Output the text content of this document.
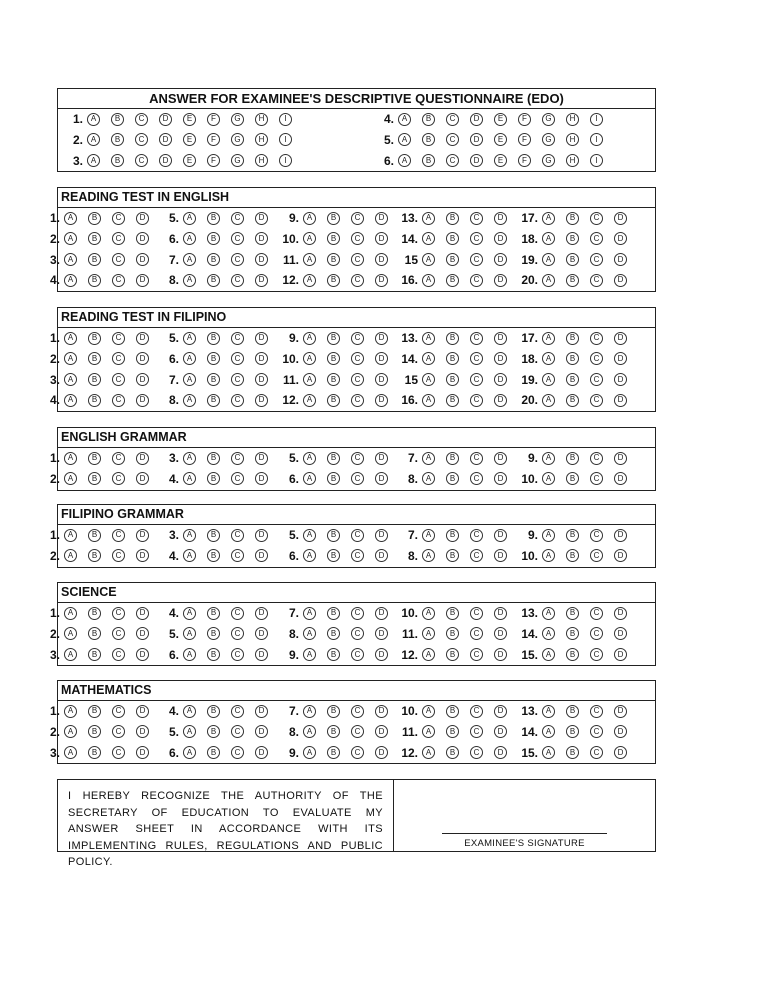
ANSWER FOR EXAMINEE'S DESCRIPTIVE QUESTIONNAIRE (EDO)
1. A	B	C	D	E	F	G	H	I	4. A	B	C	D	E	F	G	H	I
2. A	B	C	D	E	F	G	H	I	5. A	B	C	D	E	F	G	H	I
3. A	B	C	D	E	F	G	H	I	6. A	B	C	D	E	F	G	H	I
READING TEST IN ENGLISH
1. A	B	C	D	5. A	B	C	D	9. A	B	C	D	13. A	B	C	D	17. A	B	C	D
2. A	B	C	D	6. A	B	C	D	10. A	B	C	D	14. A	B	C	D	18. A	B	C	D
3. A	B	C	D	7. A	B	C	D	11. A	B	C	D	15 A	B	C	D	19. A	B	C	D
4. A	B	C	D	8. A	B	C	D	12. A	B	C	D	16. A	B	C	D	20. A	B	C	D
READING TEST IN FILIPINO
1. A	B	C	D	5. A	B	C	D	9. A	B	C	D	13. A	B	C	D	17. A	B	C	D
2. A	B	C	D	6. A	B	C	D	10. A	B	C	D	14. A	B	C	D	18. A	B	C	D
3. A	B	C	D	7. A	B	C	D	11. A	B	C	D	15 A	B	C	D	19. A	B	C	D
4. A	B	C	D	8. A	B	C	D	12. A	B	C	D	16. A	B	C	D	20. A	B	C	D
ENGLISH GRAMMAR
1. A	B	C	D	3. A	B	C	D	5. A	B	C	D	7. A	B	C	D	9. A	B	C	D
2. A	B	C	D	4. A	B	C	D	6. A	B	C	D	8. A	B	C	D	10. A	B	C	D
FILIPINO GRAMMAR
1. A	B	C	D	3. A	B	C	D	5. A	B	C	D	7. A	B	C	D	9. A	B	C	D
2. A	B	C	D	4. A	B	C	D	6. A	B	C	D	8. A	B	C	D	10. A	B	C	D
SCIENCE
1. A	B	C	D	4. A	B	C	D	7. A	B	C	D	10. A	B	C	D	13. A	B	C	D
2. A	B	C	D	5. A	B	C	D	8. A	B	C	D	11. A	B	C	D	14. A	B	C	D
3. A	B	C	D	6. A	B	C	D	9. A	B	C	D	12. A	B	C	D	15. A	B	C	D
MATHEMATICS
1. A	B	C	D	4. A	B	C	D	7. A	B	C	D	10. A	B	C	D	13. A	B	C	D
2. A	B	C	D	5. A	B	C	D	8. A	B	C	D	11. A	B	C	D	14. A	B	C	D
3. A	B	C	D	6. A	B	C	D	9. A	B	C	D	12. A	B	C	D	15. A	B	C	D
I HEREBY RECOGNIZE THE AUTHORITY OF THE SECRETARY OF EDUCATION TO EVALUATE MY ANSWER SHEET IN ACCORDANCE WITH ITS IMPLEMENTING RULES, REGULATIONS AND PUBLIC POLICY.
EXAMINEE'S SIGNATURE
